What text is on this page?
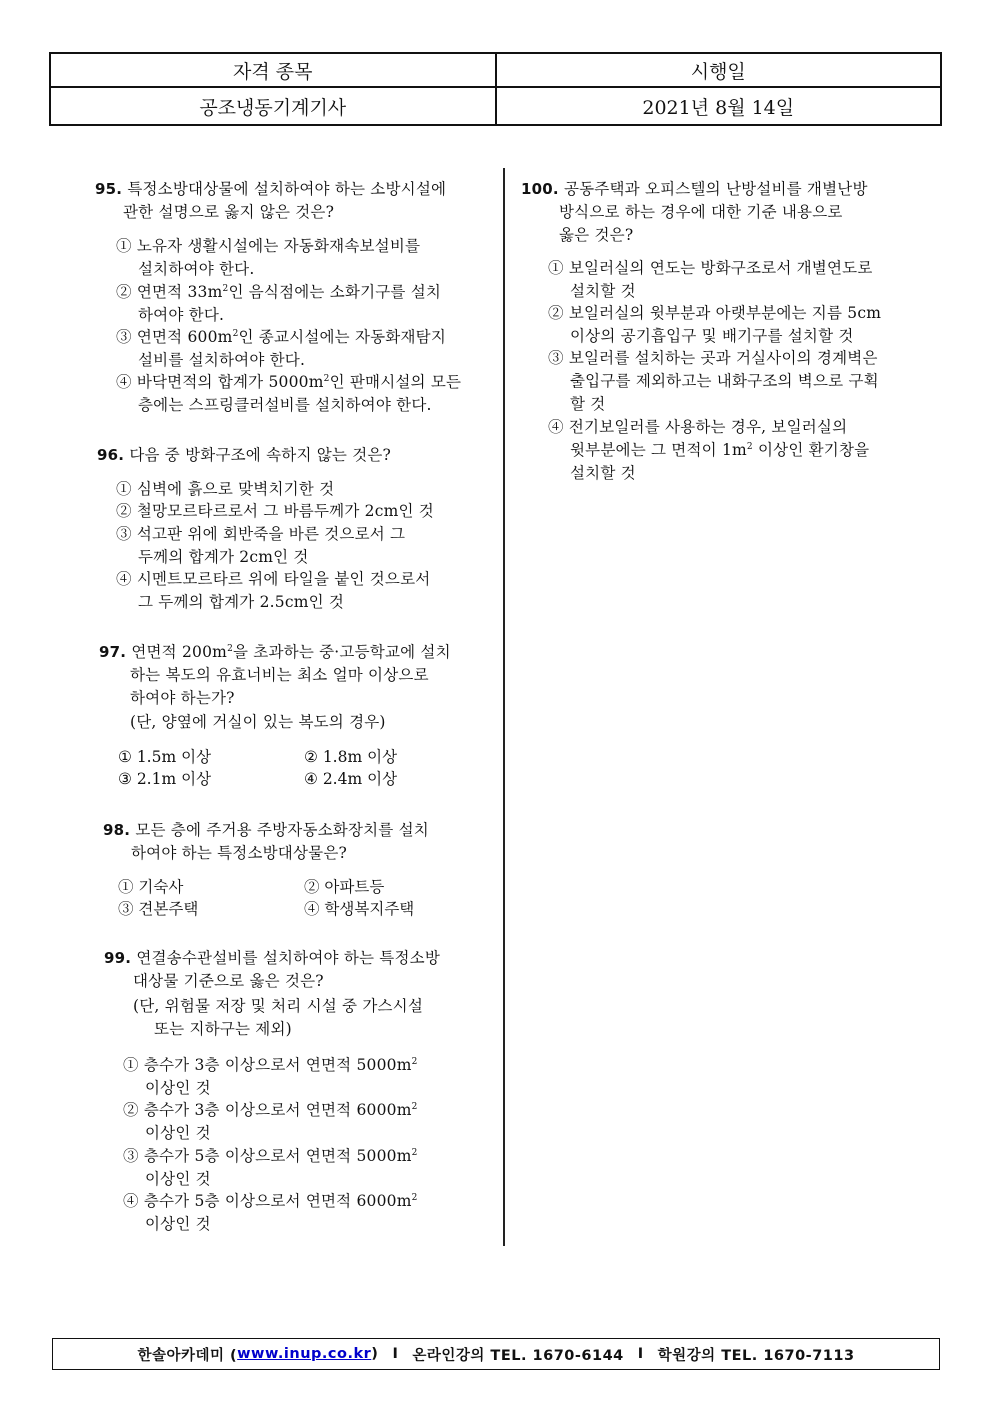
자격 종목	시행일
공조냉동기계기사	2021년 8월 14일
95. 특정소방대상물에 설치하여야 하는 소방시설에
관한 설명으로 옳지 않은 것은?
① 노유자 생활시설에는 자동화재속보설비를
설치하여야 한다.
② 연면적 $33m^2$인 음식점에는 소화기구를 설치
하여야 한다.
③ 연면적 $600m^2$인 종교시설에는 자동화재탐지
설비를 설치하여야 한다.
④ 바닥면적의 합계가 $5000m^2$인 판매시설의 모든
층에는 스프링클러설비를 설치하여야 한다.
96. 다음 중 방화구조에 속하지 않는 것은?
① 심벽에 흙으로 맞벽치기한 것
② 철망모르타르로서 그 바름두께가 2cm인 것
③ 석고판 위에 회반죽을 바른 것으로서 그
두께의 합계가 2cm인 것
④ 시멘트모르타르 위에 타일을 붙인 것으로서
그 두께의 합계가 2.5cm인 것
97. 연면적 $200m^2$을 초과하는 중·고등학교에 설치
하는 복도의 유효너비는 최소 얼마 이상으로
하여야 하는가?
(단, 양옆에 거실이 있는 복도의 경우)
① 1.5m 이상	② 1.8m 이상
③ 2.1m 이상	④ 2.4m 이상
98. 모든 층에 주거용 주방자동소화장치를 설치
하여야 하는 특정소방대상물은?
① 기숙사	② 아파트등
③ 견본주택	④ 학생복지주택
99. 연결송수관설비를 설치하여야 하는 특정소방
대상물 기준으로 옳은 것은?
(단, 위험물 저장 및 처리 시설 중 가스시설
또는 지하구는 제외)
① 층수가 3층 이상으로서 연면적 $5000m^2$
이상인 것
② 층수가 3층 이상으로서 연면적 $6000m^2$
이상인 것
③ 층수가 5층 이상으로서 연면적 $5000m^2$
이상인 것
④ 층수가 5층 이상으로서 연면적 $6000m^2$
이상인 것
100. 공동주택과 오피스텔의 난방설비를 개별난방
방식으로 하는 경우에 대한 기준 내용으로
옳은 것은?
① 보일러실의 연도는 방화구조로서 개별연도로
설치할 것
② 보일러실의 윗부분과 아랫부분에는 지름 5cm
이상의 공기흡입구 및 배기구를 설치할 것
③ 보일러를 설치하는 곳과 거실사이의 경계벽은
출입구를 제외하고는 내화구조의 벽으로 구획
할 것
④ 전기보일러를 사용하는 경우, 보일러실의
윗부분에는 그 면적이 $1m^2$ 이상인 환기창을
설치할 것
한솔아카데미 ( www.inup.co.kr ) I 온라인강의 TEL. 1670-6144 I 학원강의 TEL. 1670-7113
